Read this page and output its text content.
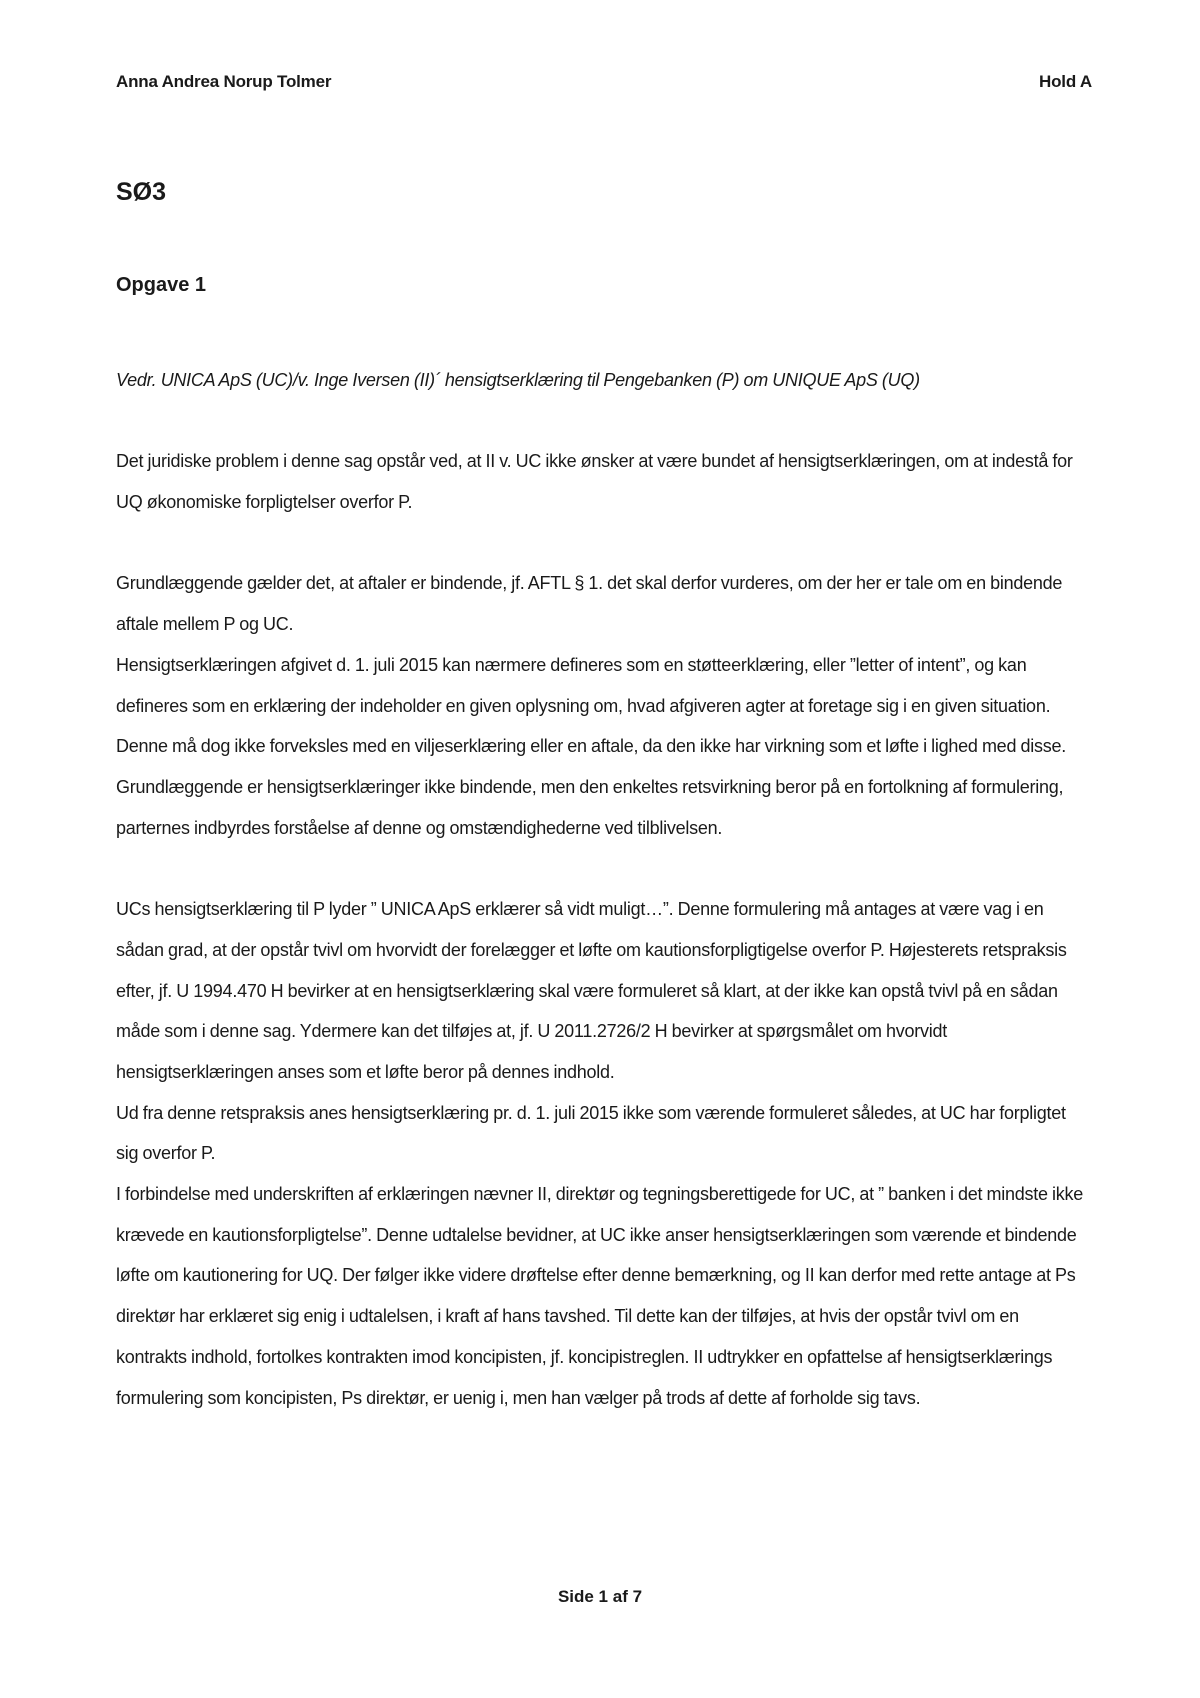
Anna Andrea Norup Tolmer	Hold A
SØ3
Opgave 1

Vedr. UNICA ApS (UC)/v. Inge Iversen (II)´ hensigtserklæring til Pengebanken (P) om UNIQUE ApS (UQ)

Det juridiske problem i denne sag opstår ved, at II v. UC ikke ønsker at være bundet af hensigtserklæringen, om at indestå for UQ økonomiske forpligtelser overfor P.

Grundlæggende gælder det, at aftaler er bindende, jf. AFTL § 1. det skal derfor vurderes, om der her er tale om en bindende aftale mellem P og UC.

Hensigtserklæringen afgivet d. 1. juli 2015 kan nærmere defineres som en støtteerklæring, eller ”letter of intent”, og kan defineres som en erklæring der indeholder en given oplysning om, hvad afgiveren agter at foretage sig i en given situation. Denne må dog ikke forveksles med en viljeserklæring eller en aftale, da den ikke har virkning som et løfte i lighed med disse. Grundlæggende er hensigtserklæringer ikke bindende, men den enkeltes retsvirkning beror på en fortolkning af formulering, parternes indbyrdes forståelse af denne og omstændighederne ved tilblivelsen.

UCs hensigtserklæring til P lyder ” UNICA ApS erklærer så vidt muligt…”. Denne formulering må antages at være vag i en sådan grad, at der opstår tvivl om hvorvidt der forelægger et løfte om kautionsforpligtigelse overfor P. Højesterets retspraksis efter, jf. U 1994.470 H bevirker at en hensigtserklæring skal være formuleret så klart, at der ikke kan opstå tvivl på en sådan måde som i denne sag. Ydermere kan det tilføjes at, jf. U 2011.2726/2 H bevirker at spørgsmålet om hvorvidt hensigtserklæringen anses som et løfte beror på dennes indhold.

Ud fra denne retspraksis anes hensigtserklæring pr. d. 1. juli 2015 ikke som værende formuleret således, at UC har forpligtet sig overfor P.

I forbindelse med underskriften af erklæringen nævner II, direktør og tegningsberettigede for UC, at ” banken i det mindste ikke krævede en kautionsforpligtelse”. Denne udtalelse bevidner, at UC ikke anser hensigtserklæringen som værende et bindende løfte om kautionering for UQ. Der følger ikke videre drøftelse efter denne bemærkning, og II kan derfor med rette antage at Ps direktør har erklæret sig enig i udtalelsen, i kraft af hans tavshed. Til dette kan der tilføjes, at hvis der opstår tvivl om en kontrakts indhold, fortolkes kontrakten imod koncipisten, jf. koncipistreglen. II udtrykker en opfattelse af hensigtserklærings formulering som koncipisten, Ps direktør, er uenig i, men han vælger på trods af dette af forholde sig tavs.

Side 1 af 7
